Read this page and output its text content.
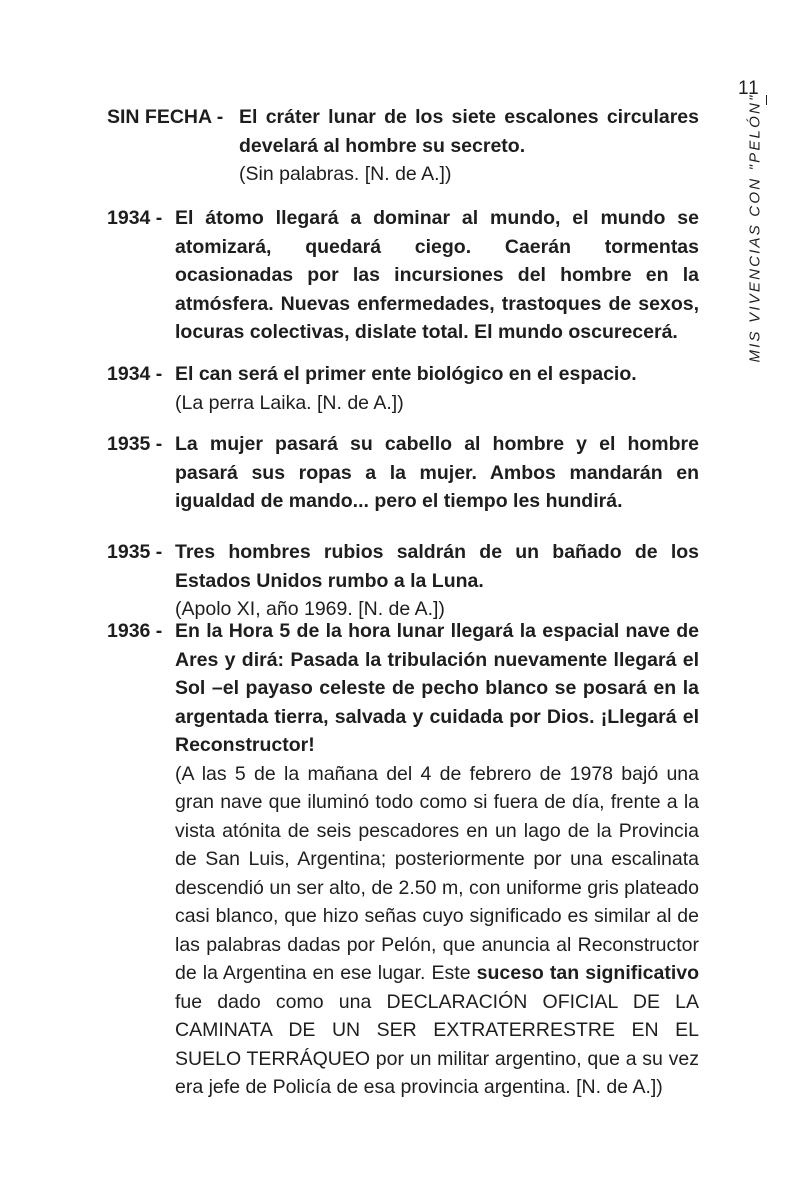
11
MIS VIVENCIAS CON "PELÓN"
SIN FECHA - El cráter lunar de los siete escalones circulares develará al hombre su secreto.
(Sin palabras. [N. de A.])
1934 - El átomo llegará a dominar al mundo, el mundo se atomizará, quedará ciego. Caerán tormentas ocasionadas por las incursiones del hombre en la atmósfera. Nuevas enfermedades, trastoques de sexos, locuras colectivas, dislate total. El mundo oscurecerá.
1934 - El can será el primer ente biológico en el espacio.
(La perra Laika. [N. de A.])
1935 - La mujer pasará su cabello al hombre y el hombre pasará sus ropas a la mujer. Ambos mandarán en igualdad de mando... pero el tiempo les hundirá.
1935 - Tres hombres rubios saldrán de un bañado de los Estados Unidos rumbo a la Luna.
(Apolo XI, año 1969. [N. de A.])
1936 - En la Hora 5 de la hora lunar llegará la espacial nave de Ares y dirá: Pasada la tribulación nuevamente llegará el Sol –el payaso celeste de pecho blanco se posará en la argentada tierra, salvada y cuidada por Dios. ¡Llegará el Reconstructor!
(A las 5 de la mañana del 4 de febrero de 1978 bajó una gran nave que iluminó todo como si fuera de día, frente a la vista atónita de seis pescadores en un lago de la Provincia de San Luis, Argentina; posteriormente por una escalinata descendió un ser alto, de 2.50 m, con uniforme gris plateado casi blanco, que hizo señas cuyo significado es similar al de las palabras dadas por Pelón, que anuncia al Reconstructor de la Argentina en ese lugar. Este suceso tan significativo fue dado como una DECLARACIÓN OFICIAL DE LA CAMINATA DE UN SER EXTRATERRESTRE EN EL SUELO TERRÁQUEO por un militar argentino, que a su vez era jefe de Policía de esa provincia argentina. [N. de A.])
